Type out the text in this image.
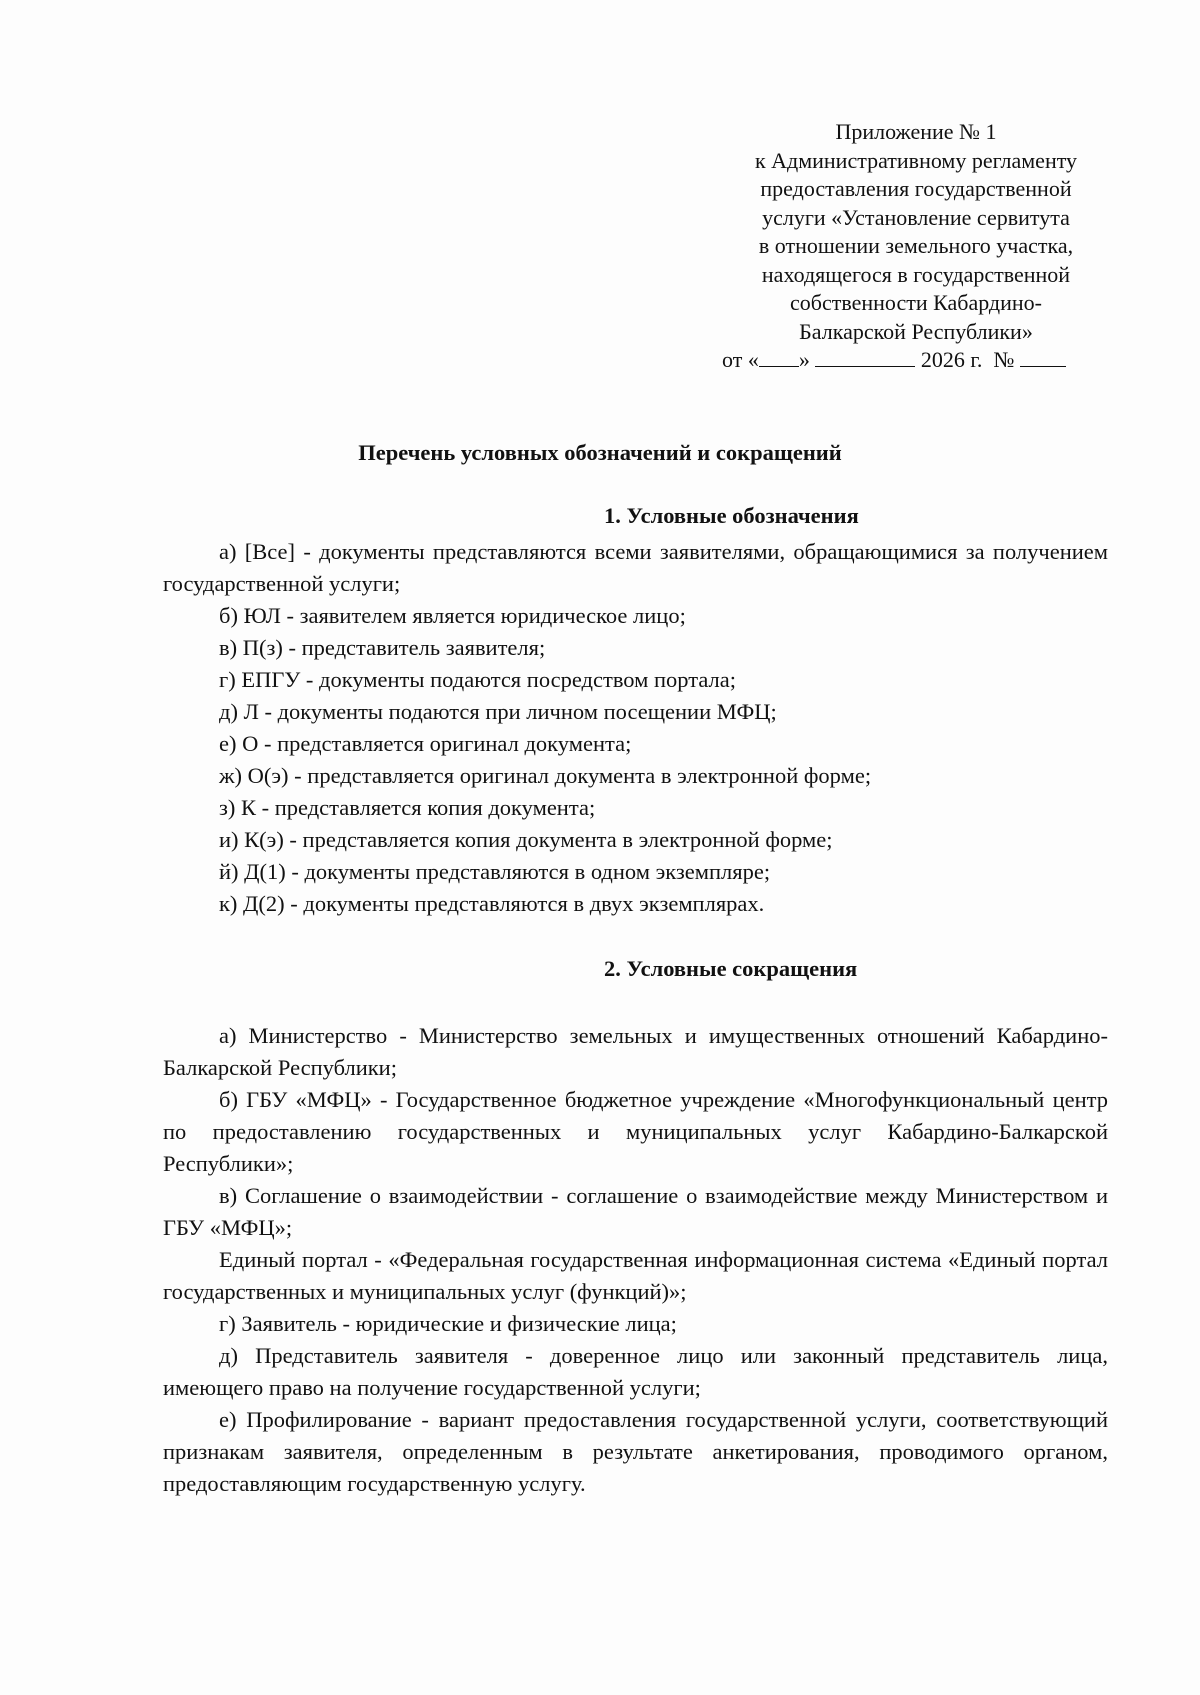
Приложение № 1
к Административному регламенту
предоставления государственной
услуги «Установление сервитута
в отношении земельного участка,
находящегося в государственной
собственности Кабардино-
Балкарской Республики»
от « »	2026 г. №
Перечень условных обозначений и сокращений
1. Условные обозначения

а) [Все] - документы представляются всеми заявителями, обращающимися за получением государственной услуги;

б) ЮЛ - заявителем является юридическое лицо;

в) П(з) - представитель заявителя;

г) ЕПГУ - документы подаются посредством портала;

д) Л - документы подаются при личном посещении МФЦ;

е) О - представляется оригинал документа;

ж) О(э) - представляется оригинал документа в электронной форме;

з) К - представляется копия документа;

и) К(э) - представляется копия документа в электронной форме;

й) Д(1) - документы представляются в одном экземпляре;

к) Д(2) - документы представляются в двух экземплярах.

2. Условные сокращения

а) Министерство - Министерство земельных и имущественных отношений Кабардино-Балкарской Республики;

б) ГБУ «МФЦ» - Государственное бюджетное учреждение «Многофункциональный центр по предоставлению государственных и муниципальных услуг Кабардино-Балкарской Республики»;

в) Соглашение о взаимодействии - соглашение о взаимодействие между Министерством и ГБУ «МФЦ»;

Единый портал - «Федеральная государственная информационная система «Единый портал государственных и муниципальных услуг (функций)»;

г) Заявитель - юридические и физические лица;

д) Представитель заявителя - доверенное лицо или законный представитель лица, имеющего право на получение государственной услуги;

е) Профилирование - вариант предоставления государственной услуги, соответствующий признакам заявителя, определенным в результате анкетирования, проводимого органом, предоставляющим государственную услугу.
